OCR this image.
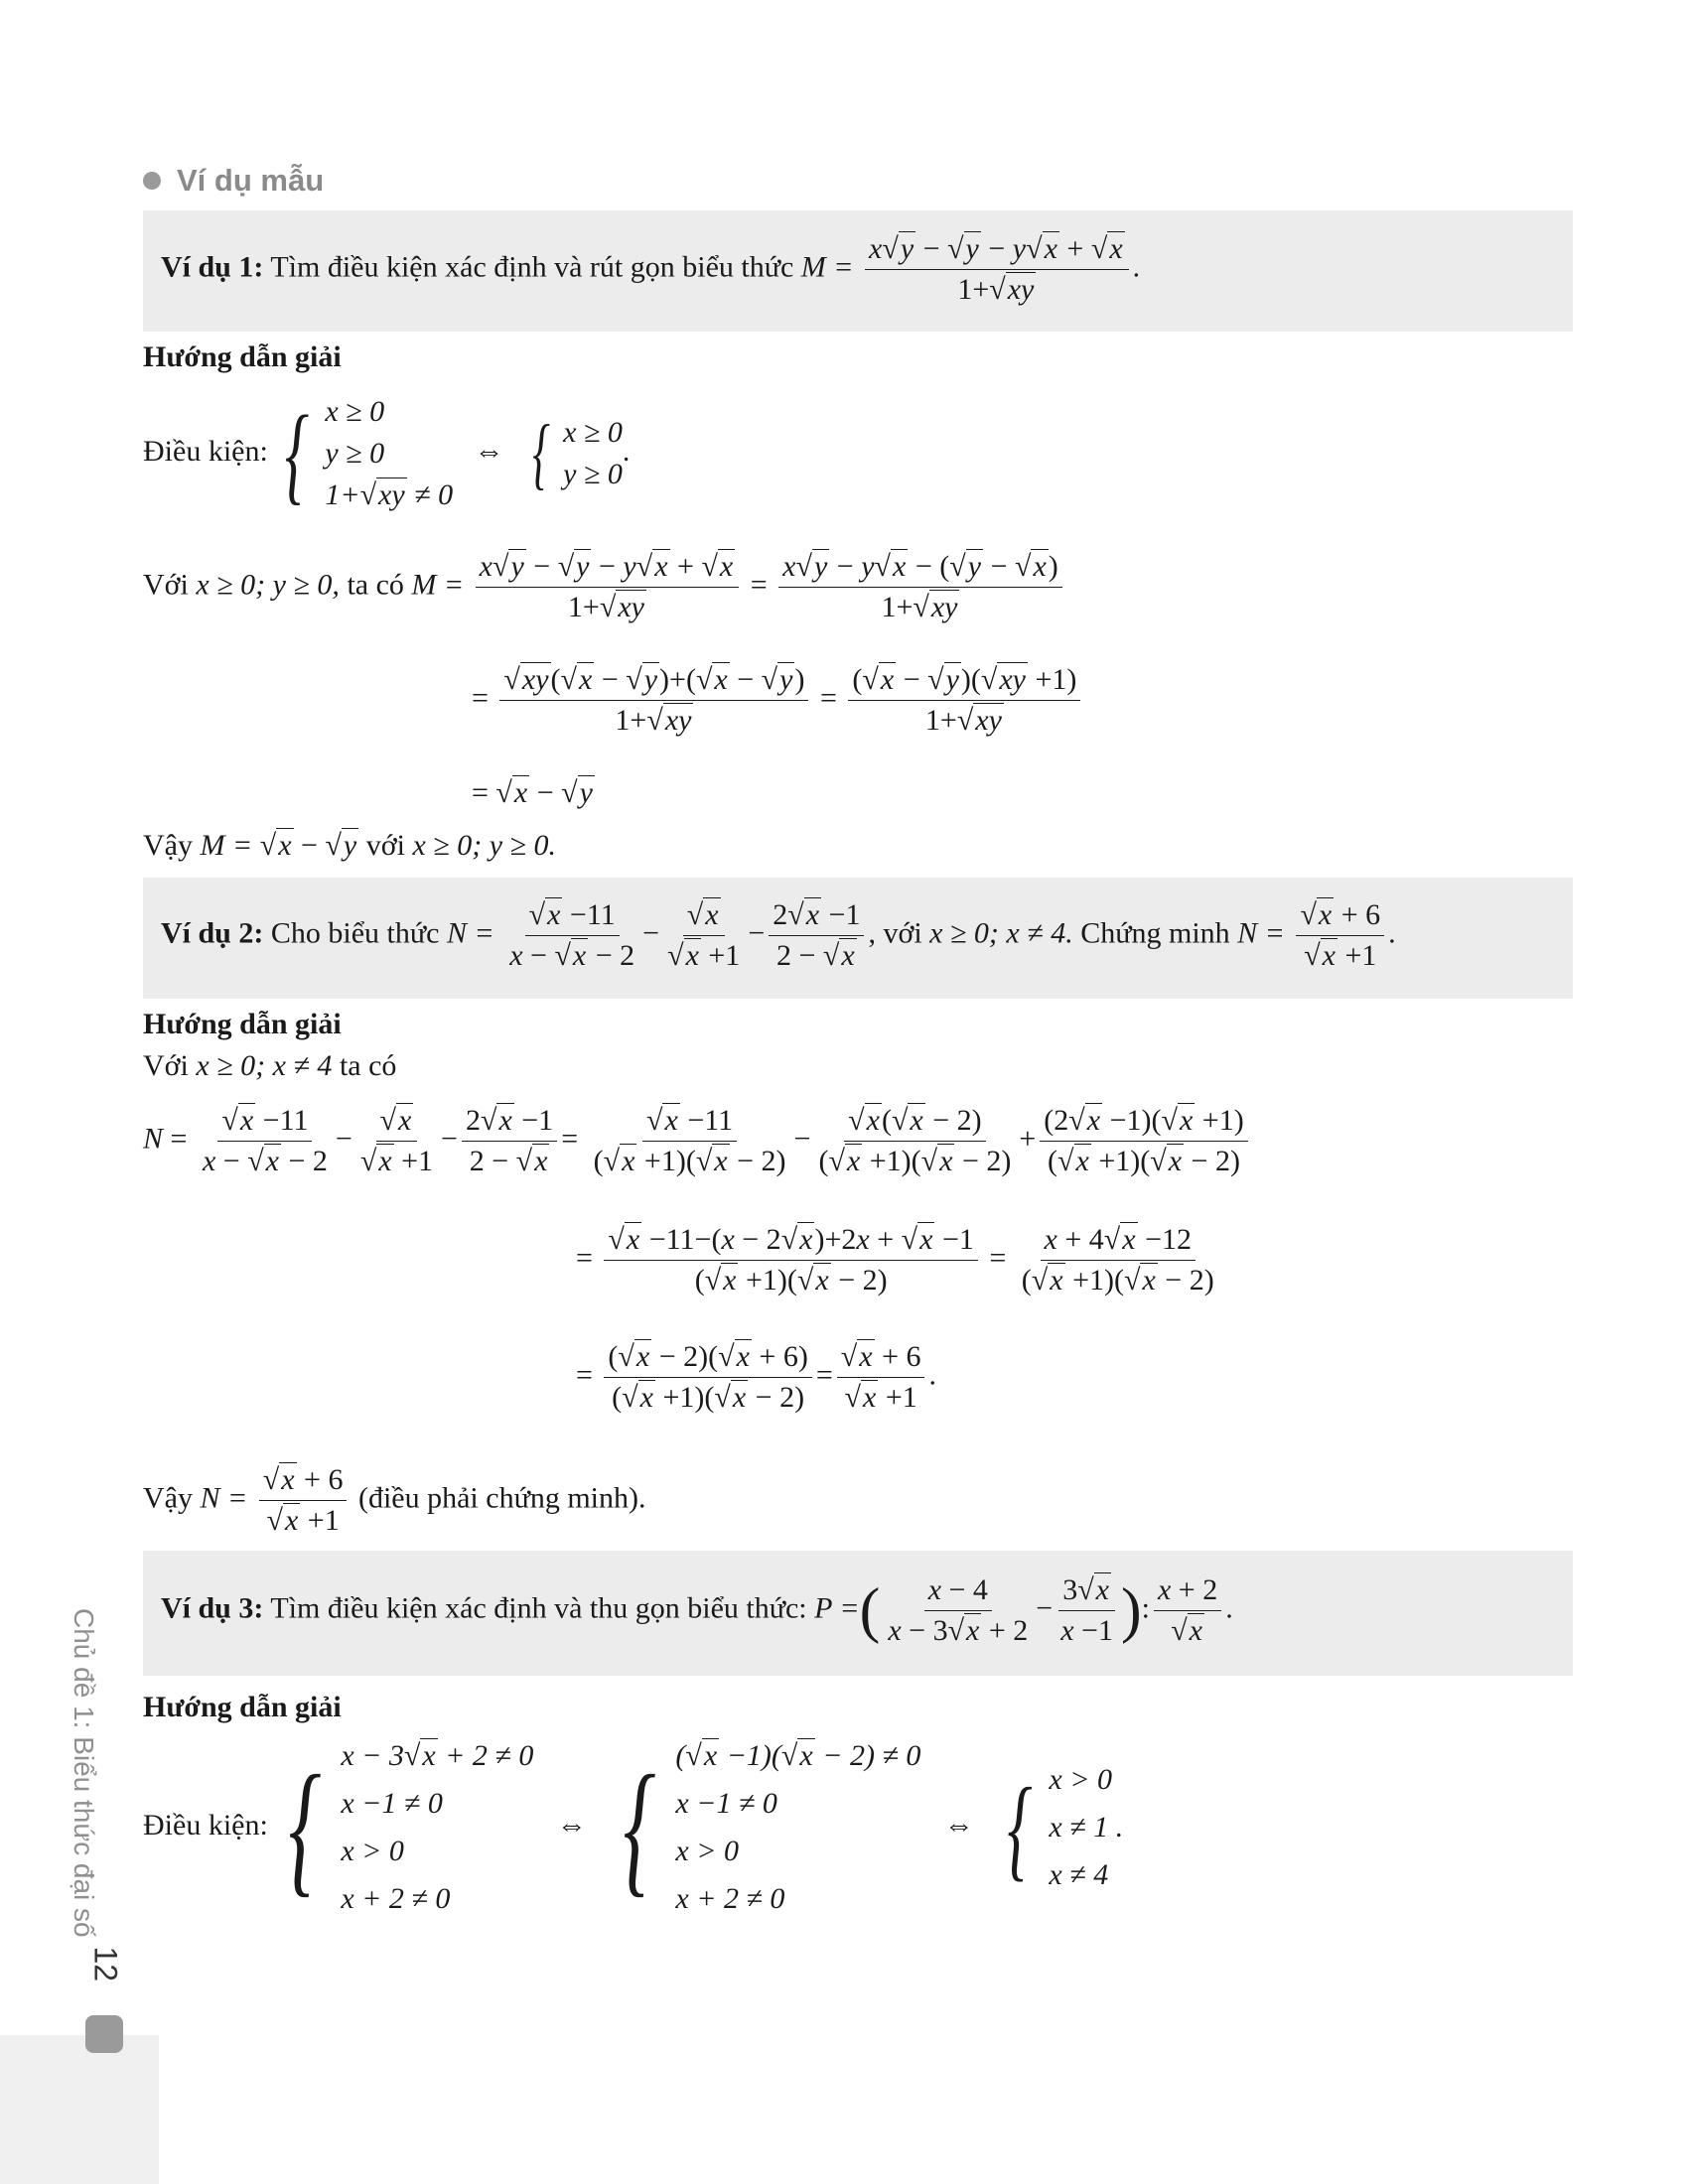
Ví dụ mẫu
Ví dụ 1: Tìm điều kiện xác định và rút gọn biểu thức $M = \frac{x√y - √y - y√x + √x}{1+√xy}$ .
Hướng dẫn giải
Điều kiện: { x ≥ 0
y ≥ 0
1+√xy ≠ 0
⇔ { x ≥ 0
y ≥ 0
.
Với x ≥ 0; y ≥ 0, ta có $M = \frac{x√y - √y - y√x + √x}{1+√xy} = \frac{x√y - y√x - (√y - √x)}{1+√xy}$
= $\frac{√xy(√x - √y)+(√x - √y)}{1+√xy} = \frac{(√x - √y)(√xy +1)}{1+√xy}$
= √x − √y
Vậy M = √x − √y với x ≥ 0; y ≥ 0.
Ví dụ 2: Cho biểu thức $N = \frac{√x -11}{x - √x - 2} - \frac{√x}{√x +1} - \frac{2√x -1}{2 - √x}$ , với x ≥ 0; x ≠ 4. Chứng minh $N = \frac{√x + 6}{√x +1}$ .
Hướng dẫn giải
Với x ≥ 0; x ≠ 4 ta có
$N = \frac{√x -11}{x - √x - 2} - \frac{√x}{√x +1} - \frac{2√x -1}{2 - √x} = \frac{√x -11}{(√x +1)(√x - 2)} - \frac{√x(√x - 2)}{(√x +1)(√x - 2)} + \frac{(2√x -1)(√x +1)}{(√x +1)(√x - 2)}$
= $\frac{√x -11-(x - 2√x)+2x + √x -1}{(√x +1)(√x - 2)} = \frac{x + 4√x -12}{(√x +1)(√x - 2)}$
= $\frac{(√x - 2)(√x + 6)}{(√x +1)(√x - 2)} = \frac{√x + 6}{√x +1}$ .
Vậy $N = \frac{√x + 6}{√x +1}$ (điều phải chứng minh).
Ví dụ 3: Tìm điều kiện xác định và thu gọn biểu thức: P =( $\frac{x - 4}{x - 3√x + 2} - \frac{3√x}{x -1}$ ): $\frac{x + 2}{√x}$ .
Hướng dẫn giải
Điều kiện: { x − 3√x + 2 ≠ 0
x −1 ≠ 0
x > 0
x + 2 ≠ 0
⇔ { (√x −1)(√x − 2) ≠ 0
x −1 ≠ 0
x > 0
x + 2 ≠ 0
⇔ { x > 0
x ≠ 1 .
x ≠ 4
Chủ đề 1: Biểu thức đại số
12
